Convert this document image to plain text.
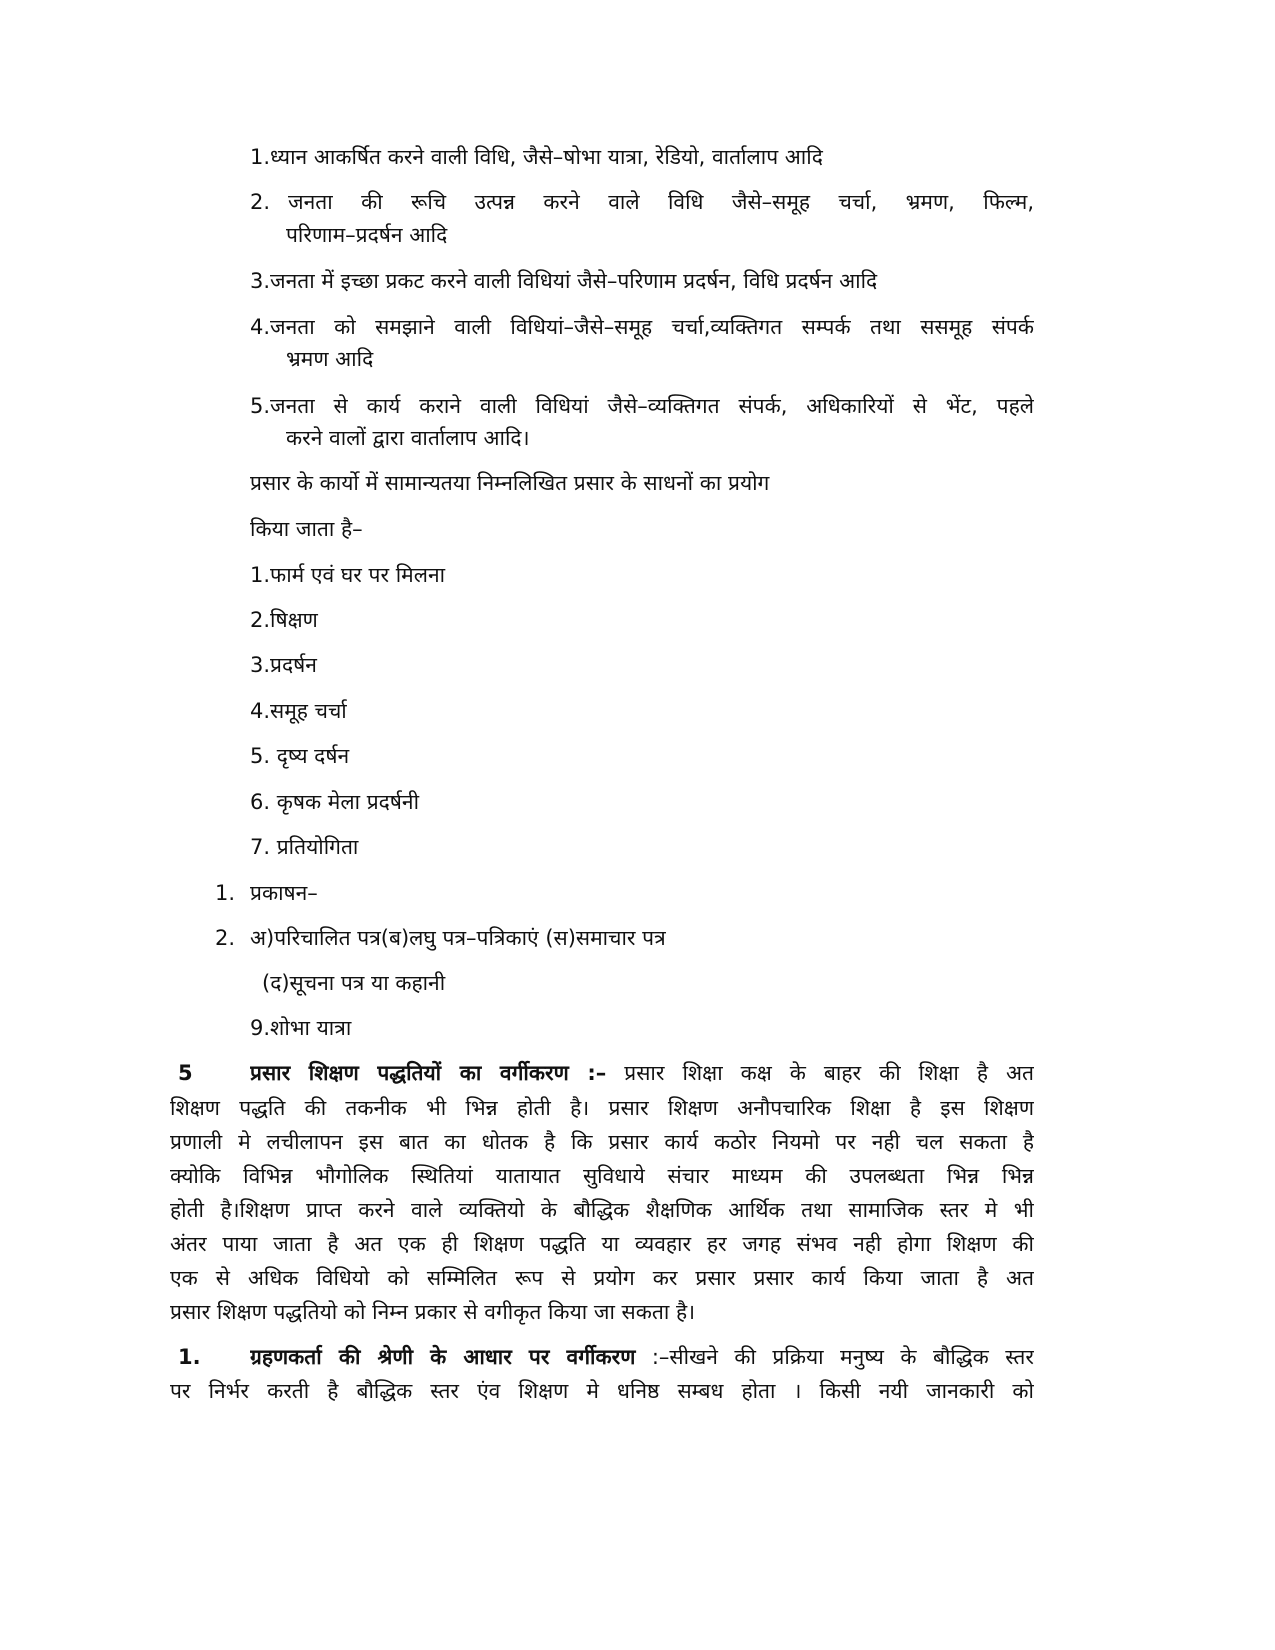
1.ध्यान आकर्षित करने वाली विधि, जैसे–षोभा यात्रा, रेडियो, वार्तालाप आदि

2. जनता की रूचि उत्पन्न करने वाले विधि जैसे–समूह चर्चा, भ्रमण, फिल्म,

परिणाम–प्रदर्षन आदि

3.जनता में इच्छा प्रकट करने वाली विधियां जैसे–परिणाम प्रदर्षन, विधि प्रदर्षन आदि

4.जनता को समझाने वाली विधियां–जैसे–समूह चर्चा,व्यक्तिगत सम्पर्क तथा ससमूह संपर्क

भ्रमण आदि

5.जनता से कार्य कराने वाली विधियां जैसे–व्यक्तिगत संपर्क, अधिकारियों से भेंट, पहले

करने वालों द्वारा वार्तालाप आदि।

प्रसार के कार्यो में सामान्यतया निम्नलिखित प्रसार के साधनों का प्रयोग

किया जाता है–

1.फार्म एवं घर पर मिलना

2.षिक्षण

3.प्रदर्षन

4.समूह चर्चा

5. दृष्य दर्षन

6. कृषक मेला प्रदर्षनी

7. प्रतियोगिता

1. प्रकाषन–

2. अ)परिचालित पत्र(ब)लघु पत्र–पत्रिकाएं (स)समाचार पत्र

(द)सूचना पत्र या कहानी

9.शोभा यात्रा

5	प्रसार शिक्षण पद्धतियों का वर्गीकरण :– प्रसार शिक्षा कक्ष के बाहर की शिक्षा है अत

शिक्षण पद्धति की तकनीक भी भिन्न होती है। प्रसार शिक्षण अनौपचारिक शिक्षा है इस शिक्षण

प्रणाली मे लचीलापन इस बात का धोतक है कि प्रसार कार्य कठोर नियमो पर नही चल सकता है

क्योकि विभिन्न भौगोलिक स्थितियां यातायात सुविधाये संचार माध्यम की उपलब्धता भिन्न भिन्न

होती है।शिक्षण प्राप्त करने वाले व्यक्तियो के बौद्धिक शैक्षणिक आर्थिक तथा सामाजिक स्तर मे भी

अंतर पाया जाता है अत एक ही शिक्षण पद्धति या व्यवहार हर जगह संभव नही होगा शिक्षण की

एक से अधिक विधियो को सम्मिलित रूप से प्रयोग कर प्रसार प्रसार कार्य किया जाता है अत

प्रसार शिक्षण पद्धतियो को निम्न प्रकार से वगीकृत किया जा सकता है।

1. ग्रहणकर्ता की श्रेणी के आधार पर वर्गीकरण :–सीखने की प्रक्रिया मनुष्य के बौद्धिक स्तर

पर निर्भर करती है बौद्धिक स्तर एंव शिक्षण मे धनिष्ठ सम्बध होता । किसी नयी जानकारी को
